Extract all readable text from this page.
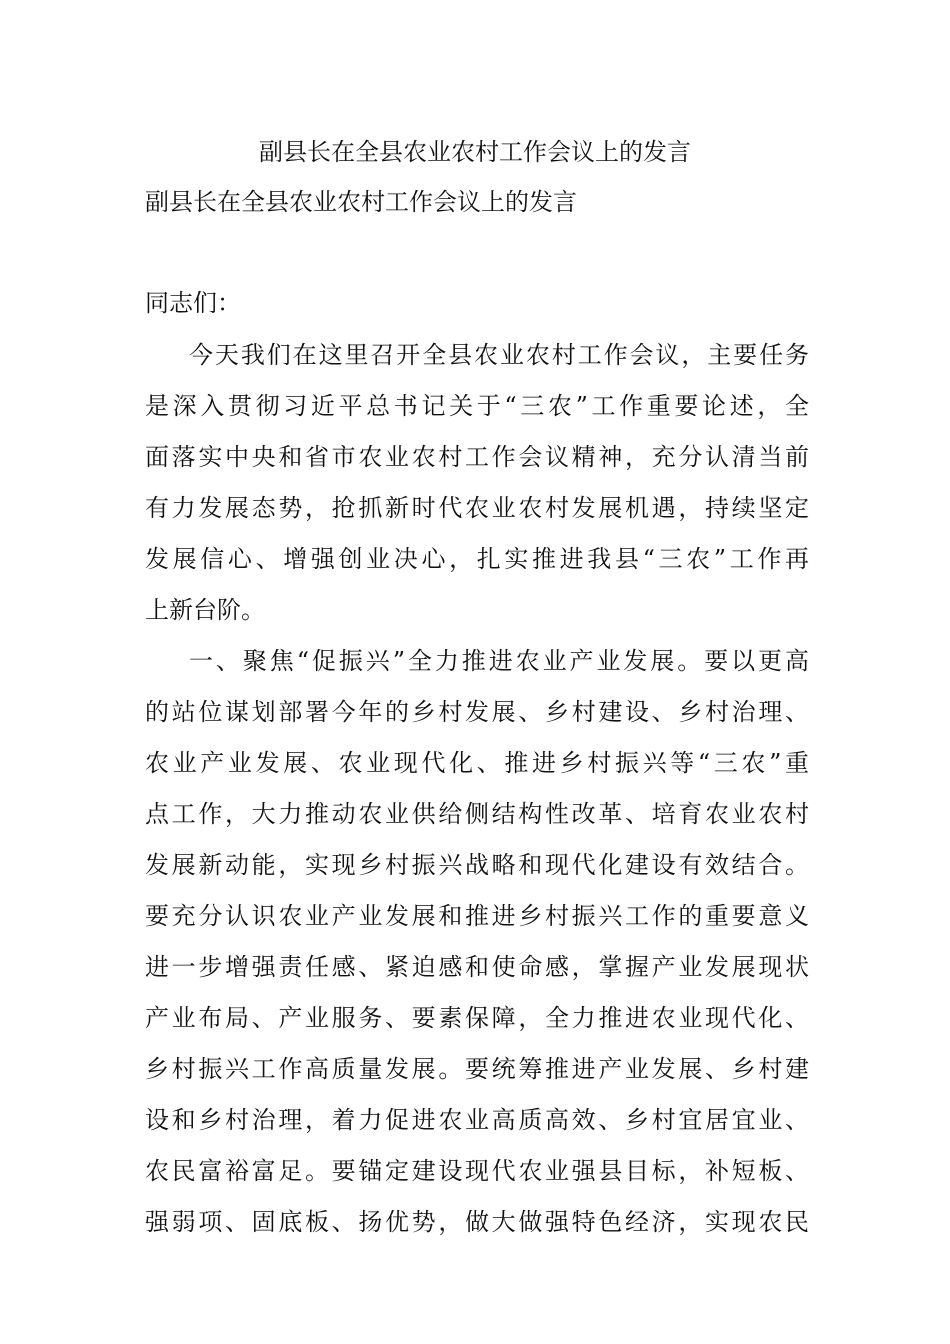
副县长在全县农业农村工作会议上的发言
副县长在全县农业农村工作会议上的发言
同志们：
今天我们在这里召开全县农业农村工作会议，主要任务
是深入贯彻习近平总书记关于“三农”工作重要论述，全
面落实中央和省市农业农村工作会议精神，充分认清当前
有力发展态势，抢抓新时代农业农村发展机遇，持续坚定
发展信心、增强创业决心，扎实推进我县“三农”工作再
上新台阶。
一、聚焦“促振兴”全力推进农业产业发展。要以更高
的站位谋划部署今年的乡村发展、乡村建设、乡村治理、
农业产业发展、农业现代化、推进乡村振兴等“三农”重
点工作，大力推动农业供给侧结构性改革、培育农业农村
发展新动能，实现乡村振兴战略和现代化建设有效结合。
要充分认识农业产业发展和推进乡村振兴工作的重要意义
进一步增强责任感、紧迫感和使命感，掌握产业发展现状
产业布局、产业服务、要素保障，全力推进农业现代化、
乡村振兴工作高质量发展。要统筹推进产业发展、乡村建
设和乡村治理，着力促进农业高质高效、乡村宜居宜业、
农民富裕富足。要锚定建设现代农业强县目标，补短板、
强弱项、固底板、扬优势，做大做强特色经济，实现农民
